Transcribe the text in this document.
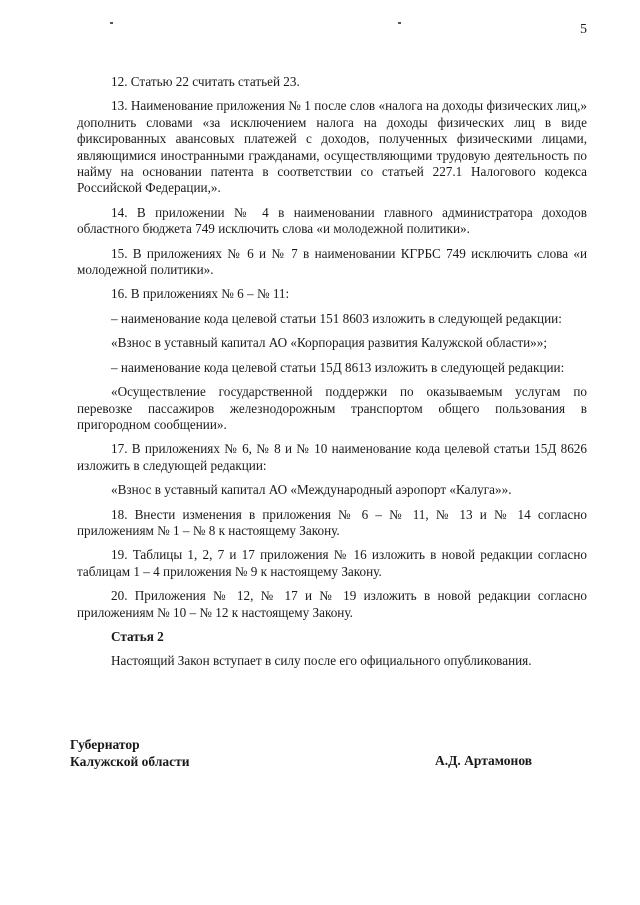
5

12. Статью 22 считать статьей 23.

13. Наименование приложения № 1 после слов «налога на доходы физических лиц,» дополнить словами «за исключением налога на доходы физических лиц в виде фиксированных авансовых платежей с доходов, полученных физическими лицами, являющимися иностранными гражданами, осуществляющими трудовую деятельность по найму на основании патента в соответствии со статьей 227.1 Налогового кодекса Российской Федерации,».

14. В приложении № 4 в наименовании главного администратора доходов областного бюджета 749 исключить слова «и молодежной политики».

15. В приложениях № 6 и № 7 в наименовании КГРБС 749 исключить слова «и молодежной политики».

16. В приложениях № 6 – № 11:

– наименование кода целевой статьи 151 8603 изложить в следующей редакции:

«Взнос в уставный капитал АО «Корпорация развития Калужской области»»;

– наименование кода целевой статьи 15Д 8613 изложить в следующей редакции:

«Осуществление государственной поддержки по оказываемым услугам по перевозке пассажиров железнодорожным транспортом общего пользования в пригородном сообщении».

17. В приложениях № 6, № 8 и № 10 наименование кода целевой статьи 15Д 8626 изложить в следующей редакции:

«Взнос в уставный капитал АО «Международный аэропорт «Калуга»».

18. Внести изменения в приложения № 6 – № 11, № 13 и № 14 согласно приложениям № 1 – № 8 к настоящему Закону.

19. Таблицы 1, 2, 7 и 17 приложения № 16 изложить в новой редакции согласно таблицам 1 – 4 приложения № 9 к настоящему Закону.

20. Приложения № 12, № 17 и № 19 изложить в новой редакции согласно приложениям № 10 – № 12 к настоящему Закону.

Статья 2

Настоящий Закон вступает в силу после его официального опубликования.

Губернатор
Калужской области	А.Д. Артамонов
